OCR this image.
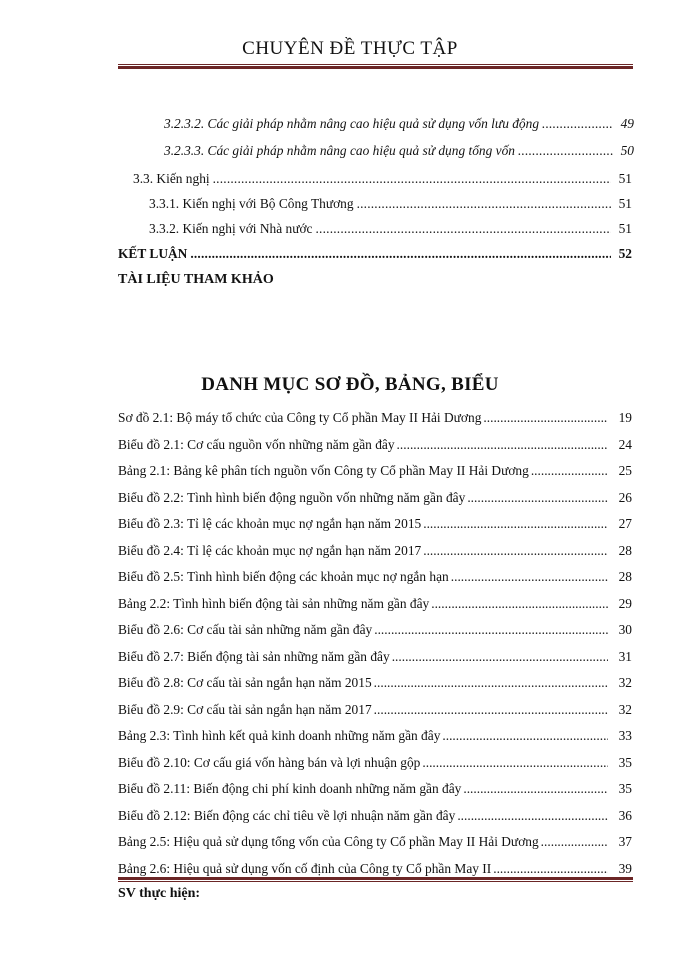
CHUYÊN ĐỀ THỰC TẬP
3.2.3.2. Các giải pháp nhằm nâng cao hiệu quả sử dụng vốn lưu động .....	49
3.2.3.3. Các giải pháp nhằm nâng cao hiệu quả sử dụng tổng vốn .....	50
3.3. Kiến nghị .....	51
3.3.1. Kiến nghị với Bộ Công Thương .....	51
3.3.2. Kiến nghị với Nhà nước .....	51
KẾT LUẬN .....	52
TÀI LIỆU THAM KHẢO
DANH MỤC SƠ ĐỒ, BẢNG, BIỂU
Sơ đồ 2.1: Bộ máy tổ chức của Công ty Cổ phần May II Hải Dương .....	19
Biểu đồ 2.1: Cơ cấu nguồn vốn những năm gần đây .....	24
Bảng 2.1: Bảng kê phân tích nguồn vốn Công ty Cổ phần May II Hải Dương .....	25
Biểu đồ 2.2: Tình hình biến động nguồn vốn những năm gần đây .....	26
Biểu đồ 2.3: Tỉ lệ các khoản mục nợ ngắn hạn năm 2015 .....	27
Biểu đồ 2.4: Tỉ lệ các khoản mục nợ ngắn hạn năm 2017 .....	28
Biểu đồ 2.5: Tình hình biến động các khoản mục nợ ngắn hạn .....	28
Bảng 2.2: Tình hình biến động tài sản những năm gần đây .....	29
Biểu đồ 2.6: Cơ cấu tài sản những năm gần đây .....	30
Biểu đồ 2.7: Biến động tài sản những năm gần đây .....	31
Biểu đồ 2.8: Cơ cấu tài sản ngắn hạn năm 2015 .....	32
Biểu đồ 2.9: Cơ cấu tài sản ngắn hạn năm 2017 .....	32
Bảng 2.3: Tình hình kết quả kinh doanh những năm gần đây .....	33
Biểu đồ 2.10: Cơ cấu giá vốn hàng bán và lợi nhuận gộp .....	35
Biểu đồ 2.11: Biến động chi phí kinh doanh những năm gần đây .....	35
Biểu đồ 2.12: Biến động các chỉ tiêu về lợi nhuận năm gần đây .....	36
Bảng 2.5: Hiệu quả sử dụng tổng vốn của Công ty Cổ phần May II Hải Dương .....	37
Bảng 2.6: Hiệu quả sử dụng vốn cố định của Công ty Cổ phần May II .....	39
SV thực hiện:
